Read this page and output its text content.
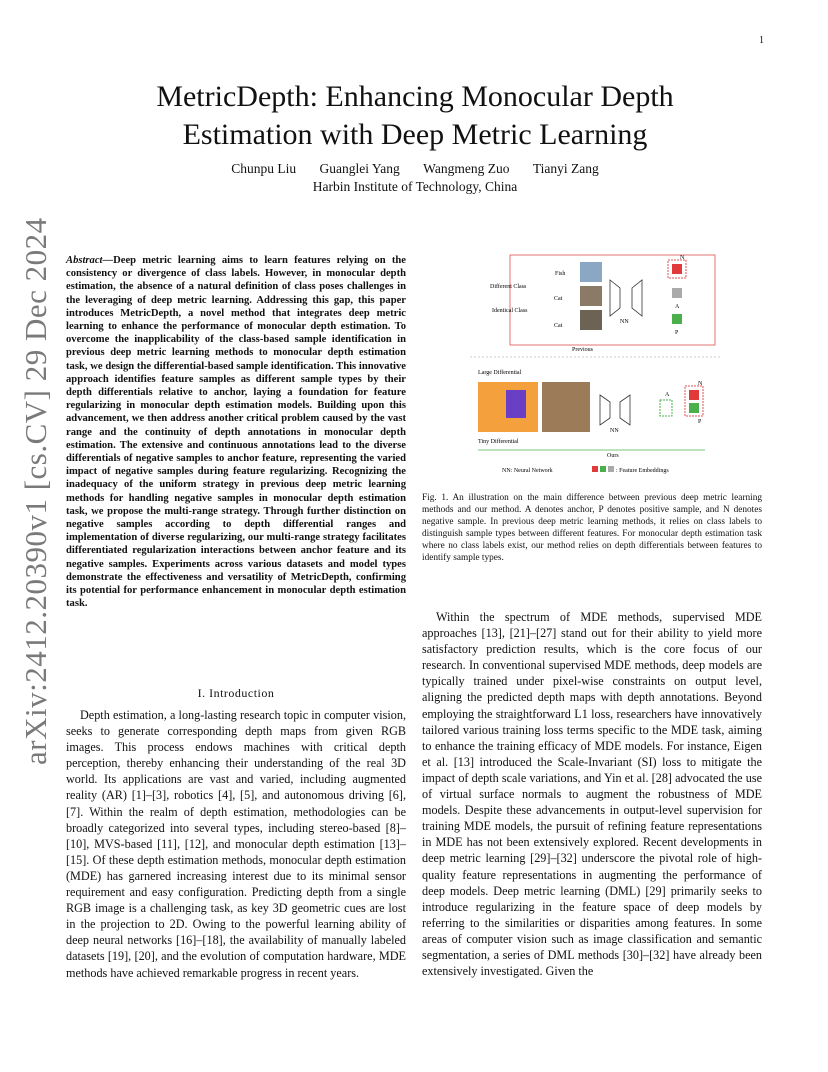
1
arXiv:2412.20390v1 [cs.CV] 29 Dec 2024
MetricDepth: Enhancing Monocular Depth Estimation with Deep Metric Learning
Chunpu Liu Guanglei Yang Wangmeng Zuo Tianyi Zang
Harbin Institute of Technology, China
Abstract—Deep metric learning aims to learn features relying on the consistency or divergence of class labels. However, in monocular depth estimation, the absence of a natural definition of class poses challenges in the leveraging of deep metric learning. Addressing this gap, this paper introduces MetricDepth, a novel method that integrates deep metric learning to enhance the performance of monocular depth estimation. To overcome the inapplicability of the class-based sample identification in previous deep metric learning methods to monocular depth estimation task, we design the differential-based sample identification. This innovative approach identifies feature samples as different sample types by their depth differentials relative to anchor, laying a foundation for feature regularizing in monocular depth estimation models. Building upon this advancement, we then address another critical problem caused by the vast range and the continuity of depth annotations in monocular depth estimation. The extensive and continuous annotations lead to the diverse differentials of negative samples to anchor feature, representing the varied impact of negative samples during feature regularizing. Recognizing the inadequacy of the uniform strategy in previous deep metric learning methods for handling negative samples in monocular depth estimation task, we propose the multi-range strategy. Through further distinction on negative samples according to depth differential ranges and implementation of diverse regularizing, our multi-range strategy facilitates differentiated regularization interactions between anchor feature and its negative samples. Experiments across various datasets and model types demonstrate the effectiveness and versatility of MetricDepth, confirming its potential for performance enhancement in monocular depth estimation task.
I. Introduction

Depth estimation, a long-lasting research topic in computer vision, seeks to generate corresponding depth maps from given RGB images. This process endows machines with critical depth perception, thereby enhancing their understanding of the real 3D world. Its applications are vast and varied, including augmented reality (AR) [1]–[3], robotics [4], [5], and autonomous driving [6], [7]. Within the realm of depth estimation, methodologies can be broadly categorized into several types, including stereo-based [8]–[10], MVS-based [11], [12], and monocular depth estimation [13]–[15]. Of these depth estimation methods, monocular depth estimation (MDE) has garnered increasing interest due to its minimal sensor requirement and easy configuration. Predicting depth from a single RGB image is a challenging task, as key 3D geometric cues are lost in the projection to 2D. Owing to the powerful learning ability of deep neural networks [16]–[18], the availability of manually labeled datasets [19], [20], and the evolution of computation hardware, MDE methods have achieved remarkable progress in recent years.

Within the spectrum of MDE methods, supervised MDE approaches [13], [21]–[27] stand out for their ability to yield more satisfactory prediction results, which is the core focus of our research. In conventional supervised MDE methods, deep models are typically trained under pixel-wise constraints on output level, aligning the predicted depth maps with depth annotations. Beyond employing the straightforward L1 loss, researchers have innovatively tailored various training loss terms specific to the MDE task, aiming to enhance the training efficacy of MDE models. For instance, Eigen et al. [13] introduced the Scale-Invariant (SI) loss to mitigate the impact of depth scale variations, and Yin et al. [28] advocated the use of virtual surface normals to augment the robustness of MDE models. Despite these advancements in output-level supervision for training MDE models, the pursuit of refining feature representations in MDE has not been extensively explored. Recent developments in deep metric learning [29]–[32] underscore the pivotal role of high-quality feature representations in augmenting the performance of deep models. Deep metric learning (DML) [29] primarily seeks to introduce regularizing in the feature space of deep models by referring to the similarities or disparities among features. In some areas of computer vision such as image classification and semantic segmentation, a series of DML methods [30]–[32] have already been extensively investigated. Given the

Different Class
Identical Class
Fish
Cat
Cat
NN
N
A
P
Previous
Large Differential
Tiny Differential
NN
A
N
P
Ours
NN: Neural Network	: Feature Embeddings
Fig. 1. An illustration on the main difference between previous deep metric learning methods and our method. A denotes anchor, P denotes positive sample, and N denotes negative sample. In previous deep metric learning methods, it relies on class labels to distinguish sample types between different features. For monocular depth estimation task where no class labels exist, our method relies on depth differentials between features to identify sample types.
